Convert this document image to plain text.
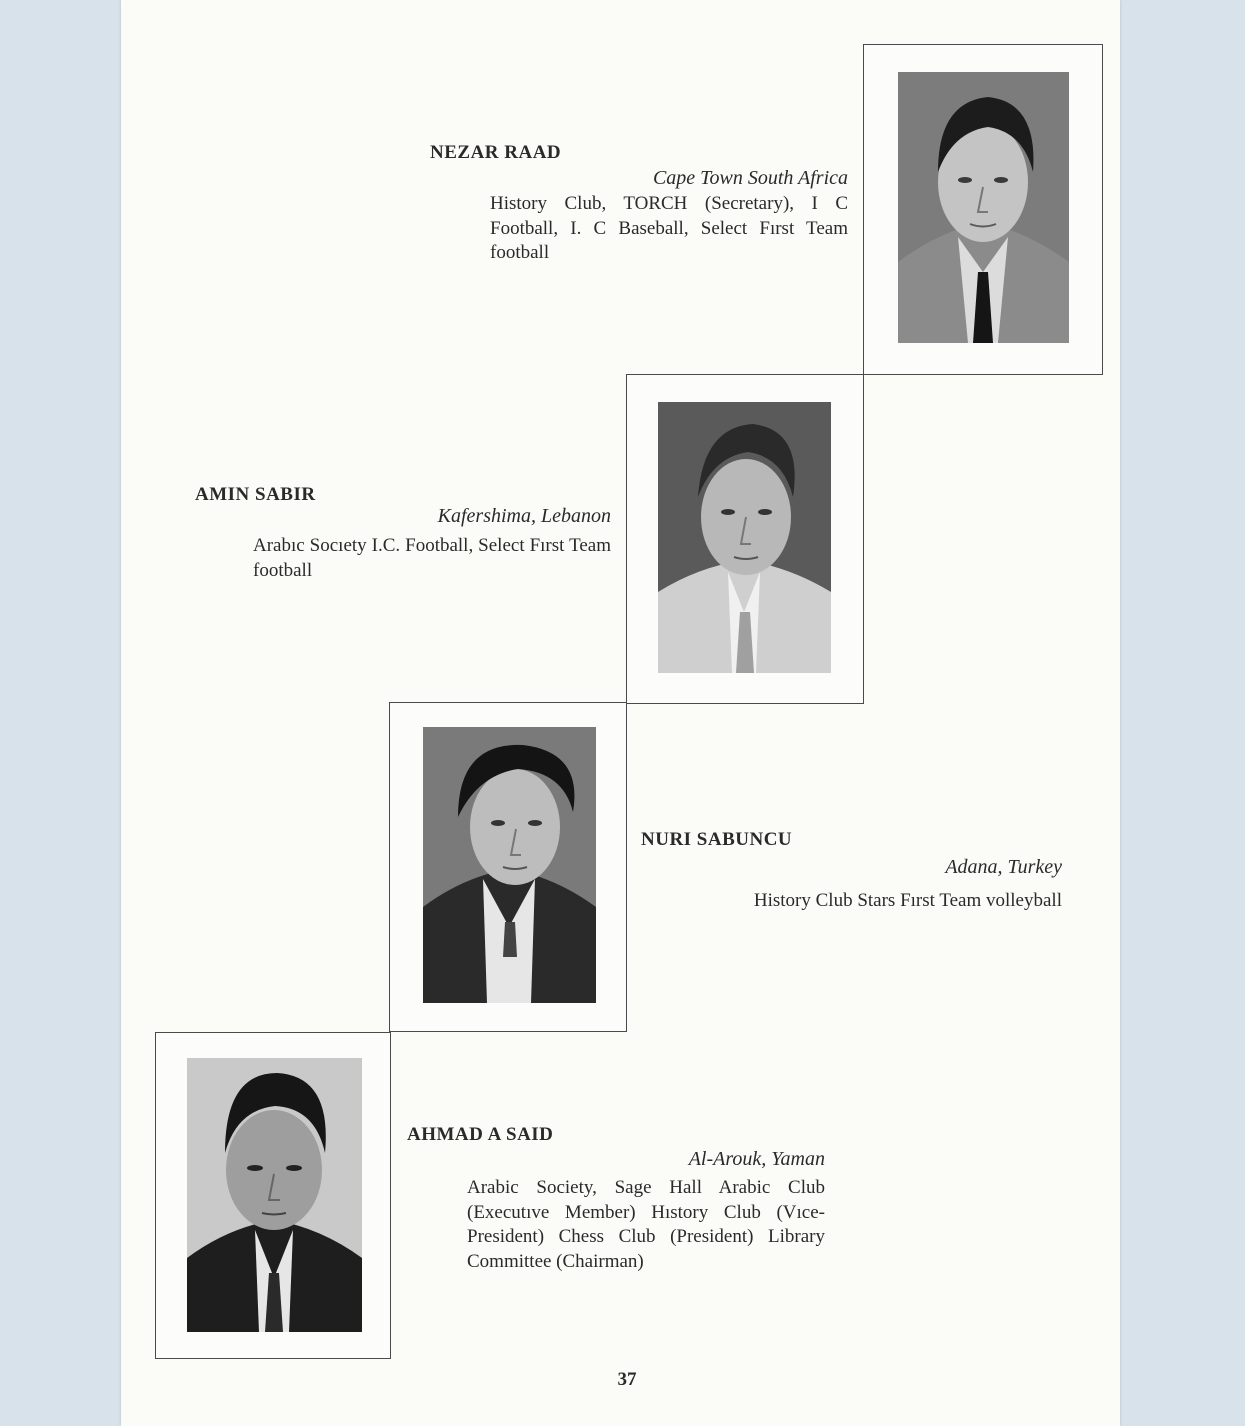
NEZAR RAAD
Cape Town South Africa
History Club, TORCH (Secretary), I C Football, I. C Baseball, Select Fırst Team football
AMIN SABIR
Kafershima, Lebanon
Arabıc Socıety I.C. Football, Select Fırst Team football
NURI SABUNCU
Adana, Turkey
History Club Stars Fırst Team volleyball
AHMAD A SAID
Al-Arouk, Yaman
Arabic Society, Sage Hall Arabic Club (Executıve Member) Hıstory Club (Vıce-President) Chess Club (President) Library Committee (Chairman)
37
